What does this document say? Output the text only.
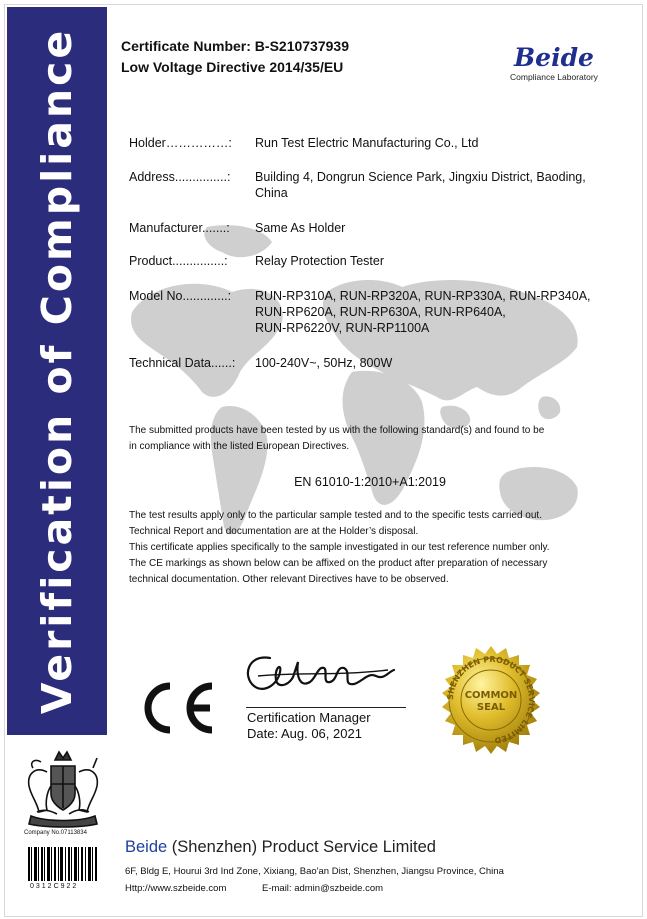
Verification of Compliance	Certificate Number: B-S210737939
Low Voltage Directive 2014/35/EU	Beide
Compliance Laboratory
Holder……………: Run Test Electric Manufacturing Co., Ltd
Address...............: Building 4, Dongrun Science Park, Jingxiu District, Baoding, China
Manufacturer.......: Same As Holder
Product...............: Relay Protection Tester
Model No.............: RUN-RP310A, RUN-RP320A, RUN-RP330A, RUN-RP340A,
RUN-RP620A, RUN-RP630A, RUN-RP640A,
RUN-RP6220V, RUN-RP1100A
Technical Data......: 100-240V~, 50Hz, 800W
The submitted products have been tested by us with the following standard(s) and found to be
in compliance with the listed European Directives.
EN 61010-1:2010+A1:2019
The test results apply only to the particular sample tested and to the specific tests carried out.
Technical Report and documentation are at the Holder’s disposal.
This certificate applies specifically to the sample investigated in our test reference number only.
The CE markings as shown below can be affixed on the product after preparation of necessary
technical documentation. Other relevant Directives have to be observed.
Certification Manager
Date: Aug. 06, 2021
SHENZHEN PRODUCT SERVICE LIMITED
COMMON
SEAL
Company No.07113834
0312C922
Beide (Shenzhen) Product Service Limited
6F, Bldg E, Hourui 3rd Ind Zone, Xixiang, Bao'an Dist, Shenzhen, Jiangsu Province, China
Http://www.szbeide.com	E-mail: admin@szbeide.com
